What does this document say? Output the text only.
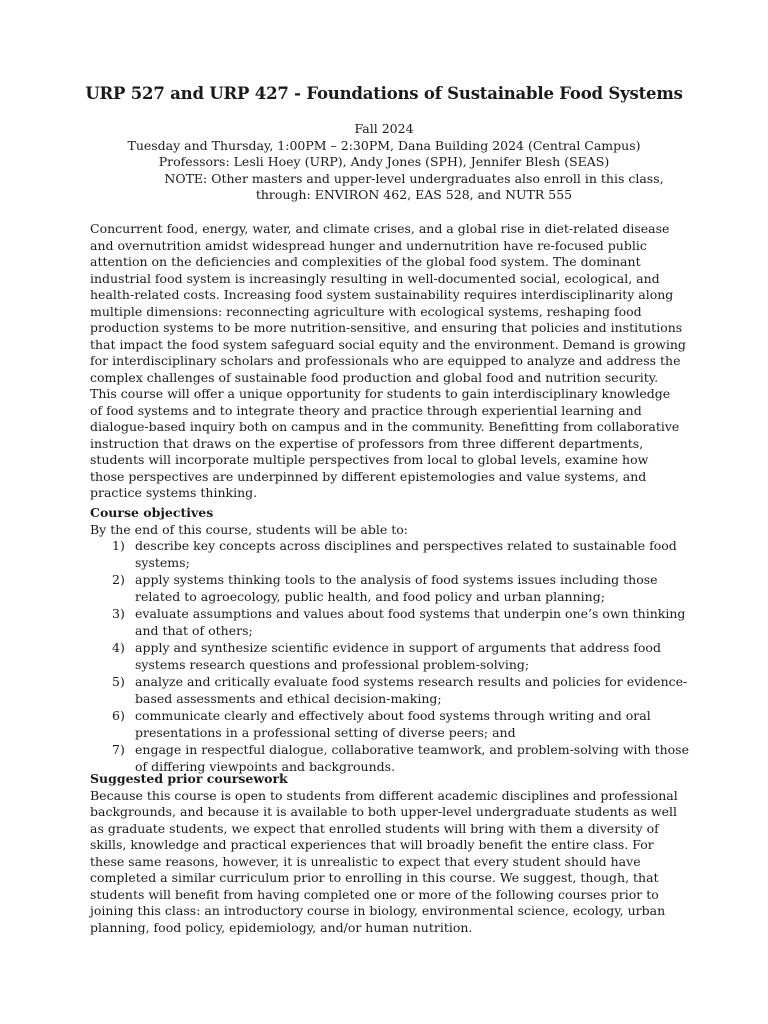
URP 527 and URP 427 - Foundations of Sustainable Food Systems
Fall 2024
Tuesday and Thursday, 1:00PM – 2:30PM, Dana Building 2024 (Central Campus)
Professors: Lesli Hoey (URP), Andy Jones (SPH), Jennifer Blesh (SEAS)
NOTE: Other masters and upper-level undergraduates also enroll in this class, through: ENVIRON 462, EAS 528, and NUTR 555

Concurrent food, energy, water, and climate crises, and a global rise in diet-related disease and overnutrition amidst widespread hunger and undernutrition have re-focused public attention on the deficiencies and complexities of the global food system. The dominant industrial food system is increasingly resulting in well-documented social, ecological, and health-related costs. Increasing food system sustainability requires interdisciplinarity along multiple dimensions: reconnecting agriculture with ecological systems, reshaping food production systems to be more nutrition-sensitive, and ensuring that policies and institutions that impact the food system safeguard social equity and the environment. Demand is growing for interdisciplinary scholars and professionals who are equipped to analyze and address the complex challenges of sustainable food production and global food and nutrition security. This course will offer a unique opportunity for students to gain interdisciplinary knowledge of food systems and to integrate theory and practice through experiential learning and dialogue-based inquiry both on campus and in the community. Benefitting from collaborative instruction that draws on the expertise of professors from three different departments, students will incorporate multiple perspectives from local to global levels, examine how those perspectives are underpinned by different epistemologies and value systems, and practice systems thinking.

Course objectives

By the end of this course, students will be able to:

1) describe key concepts across disciplines and perspectives related to sustainable food systems;
2) apply systems thinking tools to the analysis of food systems issues including those related to agroecology, public health, and food policy and urban planning;
3) evaluate assumptions and values about food systems that underpin one’s own thinking and that of others;
4) apply and synthesize scientific evidence in support of arguments that address food systems research questions and professional problem-solving;
5) analyze and critically evaluate food systems research results and policies for evidence-based assessments and ethical decision-making;
6) communicate clearly and effectively about food systems through writing and oral presentations in a professional setting of diverse peers; and
7) engage in respectful dialogue, collaborative teamwork, and problem-solving with those of differing viewpoints and backgrounds.

Suggested prior coursework

Because this course is open to students from different academic disciplines and professional backgrounds, and because it is available to both upper-level undergraduate students as well as graduate students, we expect that enrolled students will bring with them a diversity of skills, knowledge and practical experiences that will broadly benefit the entire class. For these same reasons, however, it is unrealistic to expect that every student should have completed a similar curriculum prior to enrolling in this course. We suggest, though, that students will benefit from having completed one or more of the following courses prior to joining this class: an introductory course in biology, environmental science, ecology, urban planning, food policy, epidemiology, and/or human nutrition.
